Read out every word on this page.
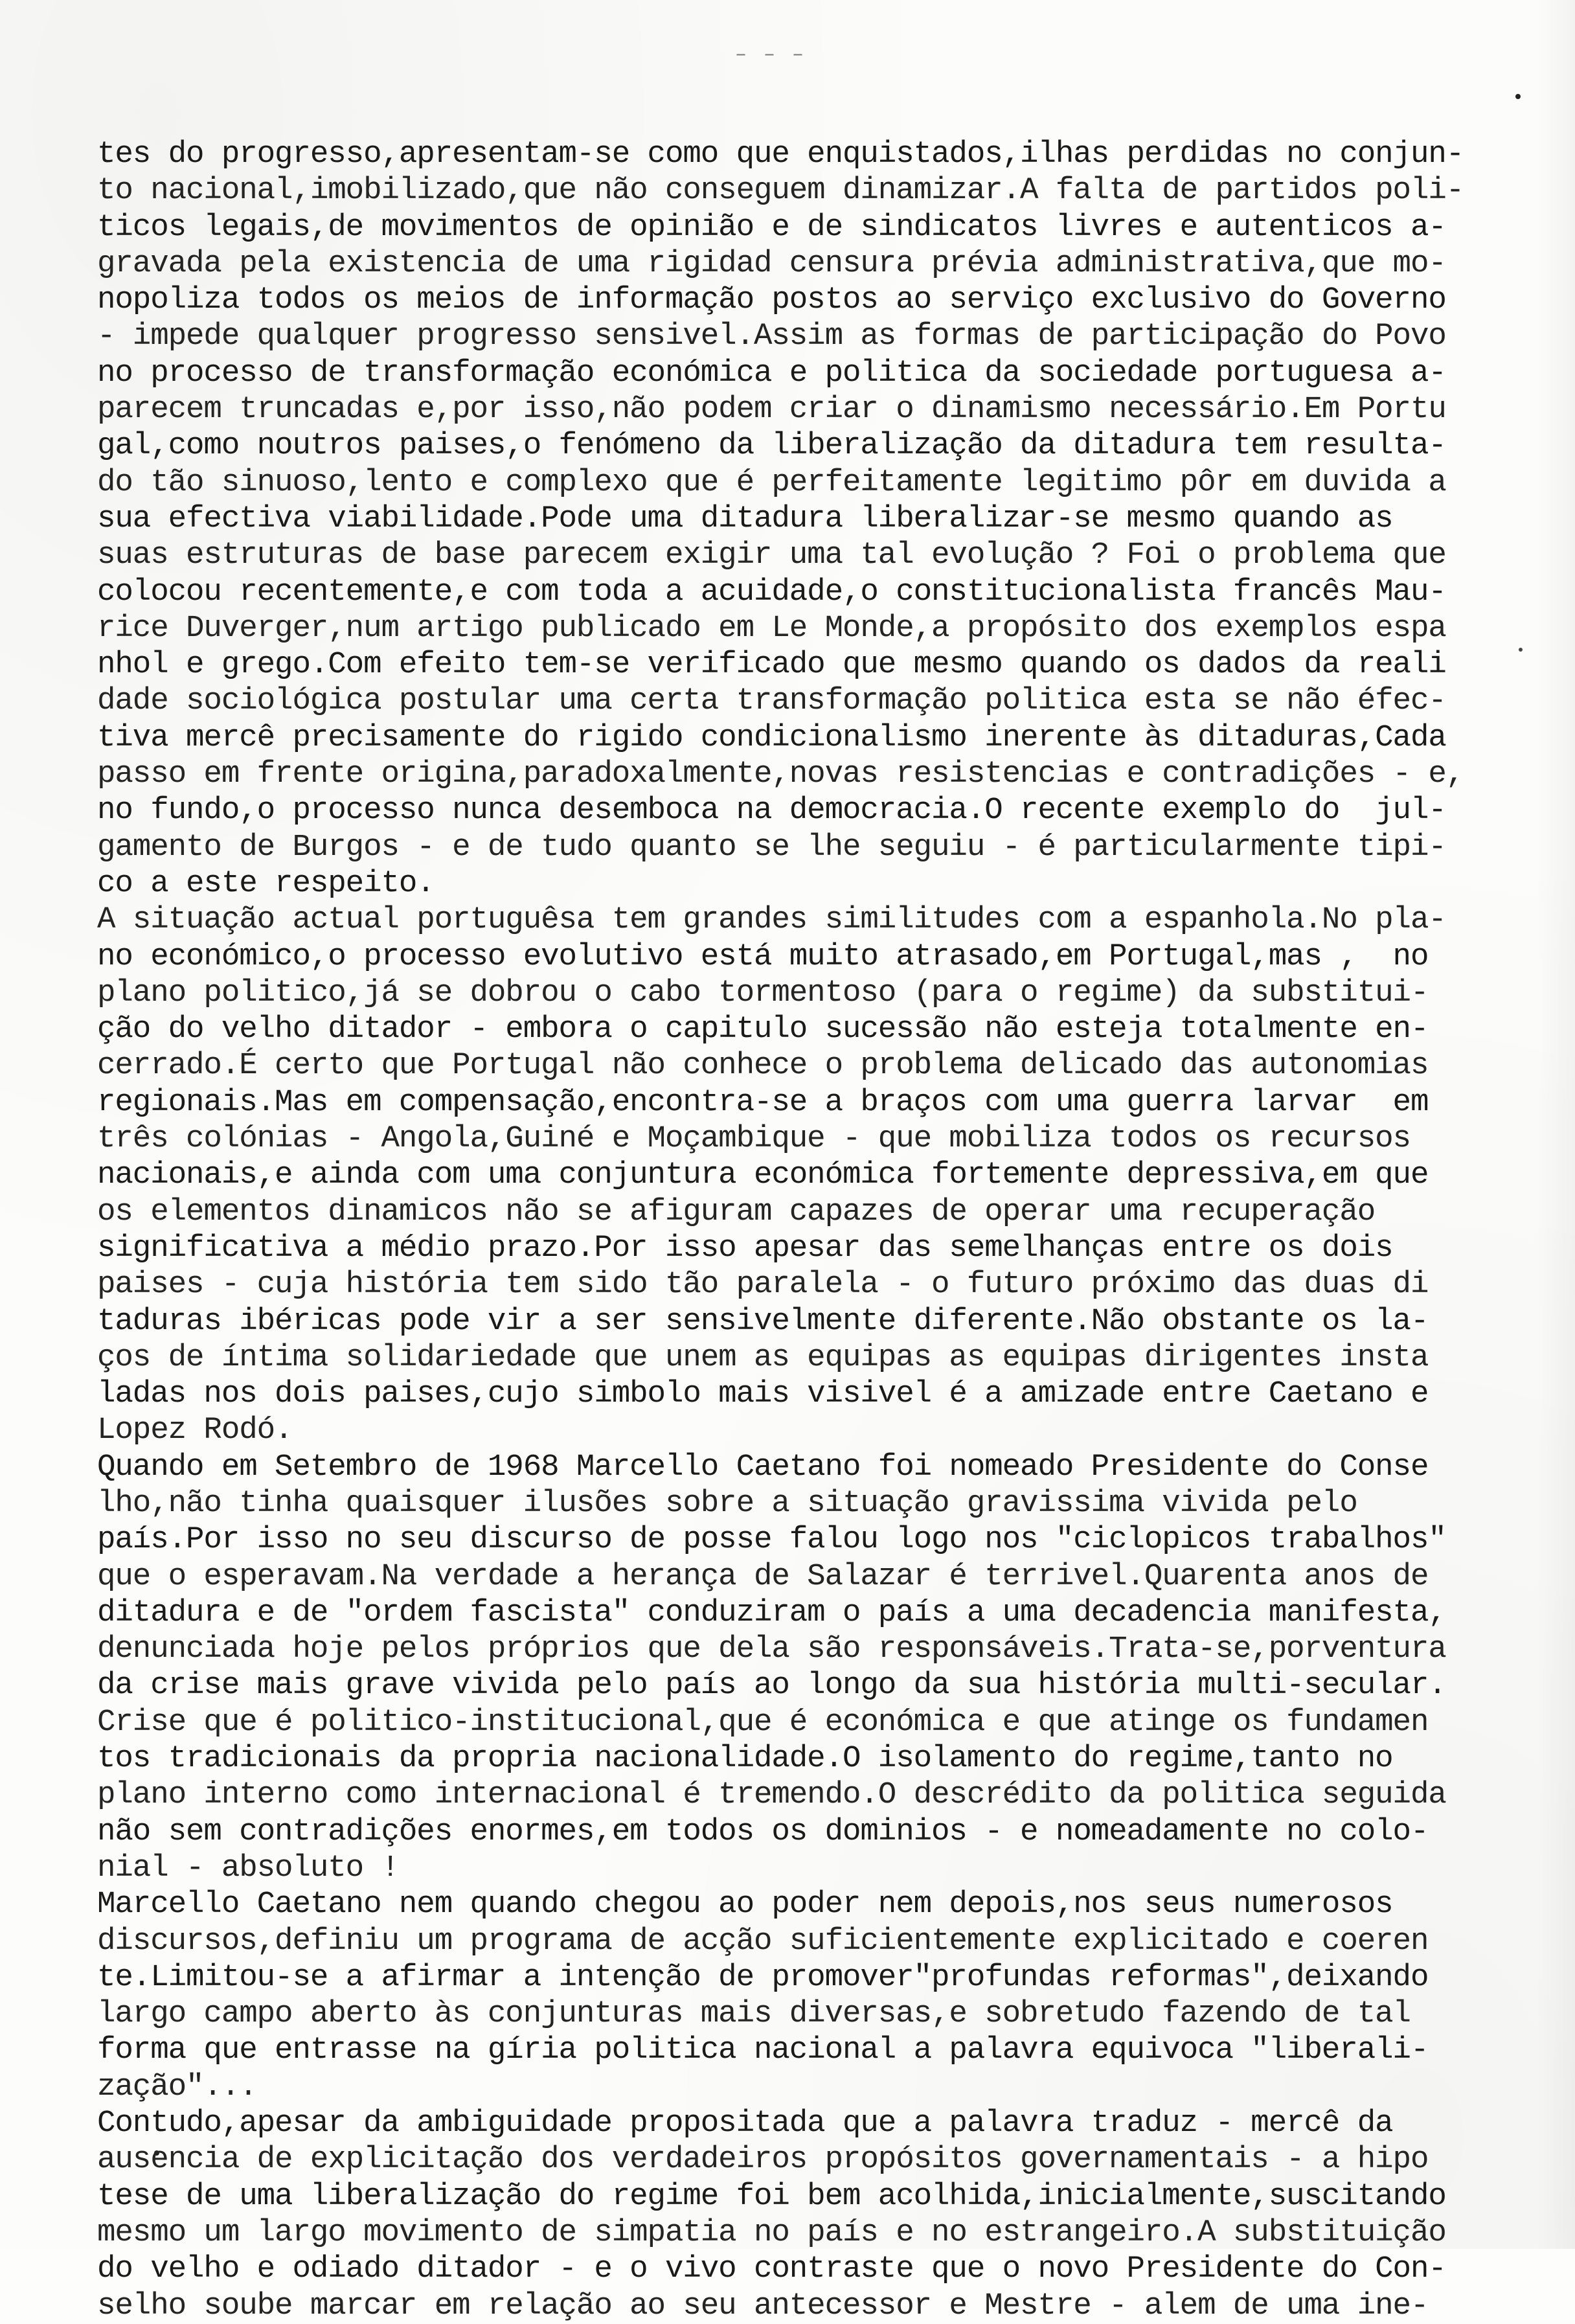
– – –
tes do progresso,apresentam-se como que enquistados,ilhas perdidas no conjun-
to nacional,imobilizado,que não conseguem dinamizar.A falta de partidos poli-
ticos legais,de movimentos de opinião e de sindicatos livres e autenticos a-
gravada pela existencia de uma rigidad censura prévia administrativa,que mo-
nopoliza todos os meios de informação postos ao serviço exclusivo do Governo
- impede qualquer progresso sensivel.Assim as formas de participação do Povo
no processo de transformação económica e politica da sociedade portuguesa a-
parecem truncadas e,por isso,não podem criar o dinamismo necessário.Em Portu
gal,como noutros paises,o fenómeno da liberalização da ditadura tem resulta-
do tão sinuoso,lento e complexo que é perfeitamente legitimo pôr em duvida a
sua efectiva viabilidade.Pode uma ditadura liberalizar-se mesmo quando as
suas estruturas de base parecem exigir uma tal evolução ? Foi o problema que
colocou recentemente,e com toda a acuidade,o constitucionalista francês Mau-
rice Duverger,num artigo publicado em Le Monde,a propósito dos exemplos espa
nhol e grego.Com efeito tem-se verificado que mesmo quando os dados da reali
dade sociológica postular uma certa transformação politica esta se não éfec-
tiva mercê precisamente do rigido condicionalismo inerente às ditaduras,Cada
passo em frente origina,paradoxalmente,novas resistencias e contradições - e,
no fundo,o processo nunca desemboca na democracia.O recente exemplo do  jul-
gamento de Burgos - e de tudo quanto se lhe seguiu - é particularmente tipi-
co a este respeito.
A situação actual portuguêsa tem grandes similitudes com a espanhola.No pla-
no económico,o processo evolutivo está muito atrasado,em Portugal,mas ,  no
plano politico,já se dobrou o cabo tormentoso (para o regime) da substitui-
ção do velho ditador - embora o capitulo sucessão não esteja totalmente en-
cerrado.É certo que Portugal não conhece o problema delicado das autonomias
regionais.Mas em compensação,encontra-se a braços com uma guerra larvar  em
três colónias - Angola,Guiné e Moçambique - que mobiliza todos os recursos
nacionais,e ainda com uma conjuntura económica fortemente depressiva,em que
os elementos dinamicos não se afiguram capazes de operar uma recuperação
significativa a médio prazo.Por isso apesar das semelhanças entre os dois
paises - cuja história tem sido tão paralela - o futuro próximo das duas di
taduras ibéricas pode vir a ser sensivelmente diferente.Não obstante os la-
ços de íntima solidariedade que unem as equipas as equipas dirigentes insta
ladas nos dois paises,cujo simbolo mais visivel é a amizade entre Caetano e
Lopez Rodó.
Quando em Setembro de 1968 Marcello Caetano foi nomeado Presidente do Conse
lho,não tinha quaisquer ilusões sobre a situação gravissima vivida pelo
país.Por isso no seu discurso de posse falou logo nos "ciclopicos trabalhos"
que o esperavam.Na verdade a herança de Salazar é terrivel.Quarenta anos de
ditadura e de "ordem fascista" conduziram o país a uma decadencia manifesta,
denunciada hoje pelos próprios que dela são responsáveis.Trata-se,porventura
da crise mais grave vivida pelo país ao longo da sua história multi-secular.
Crise que é politico-institucional,que é económica e que atinge os fundamen
tos tradicionais da propria nacionalidade.O isolamento do regime,tanto no
plano interno como internacional é tremendo.O descrédito da politica seguida
não sem contradições enormes,em todos os dominios - e nomeadamente no colo-
nial - absoluto !
Marcello Caetano nem quando chegou ao poder nem depois,nos seus numerosos
discursos,definiu um programa de acção suficientemente explicitado e coeren
te.Limitou-se a afirmar a intenção de promover"profundas reformas",deixando
largo campo aberto às conjunturas mais diversas,e sobretudo fazendo de tal
forma que entrasse na gíria politica nacional a palavra equivoca "liberali-
zação"...
Contudo,apesar da ambiguidade propositada que a palavra traduz - mercê da
ausencia de explicitação dos verdadeiros propósitos governamentais - a hipo
tese de uma liberalização do regime foi bem acolhida,inicialmente,suscitando
mesmo um largo movimento de simpatia no país e no estrangeiro.A substituição
do velho e odiado ditador - e o vivo contraste que o novo Presidente do Con-
selho soube marcar em relação ao seu antecessor e Mestre - alem de uma ine-
